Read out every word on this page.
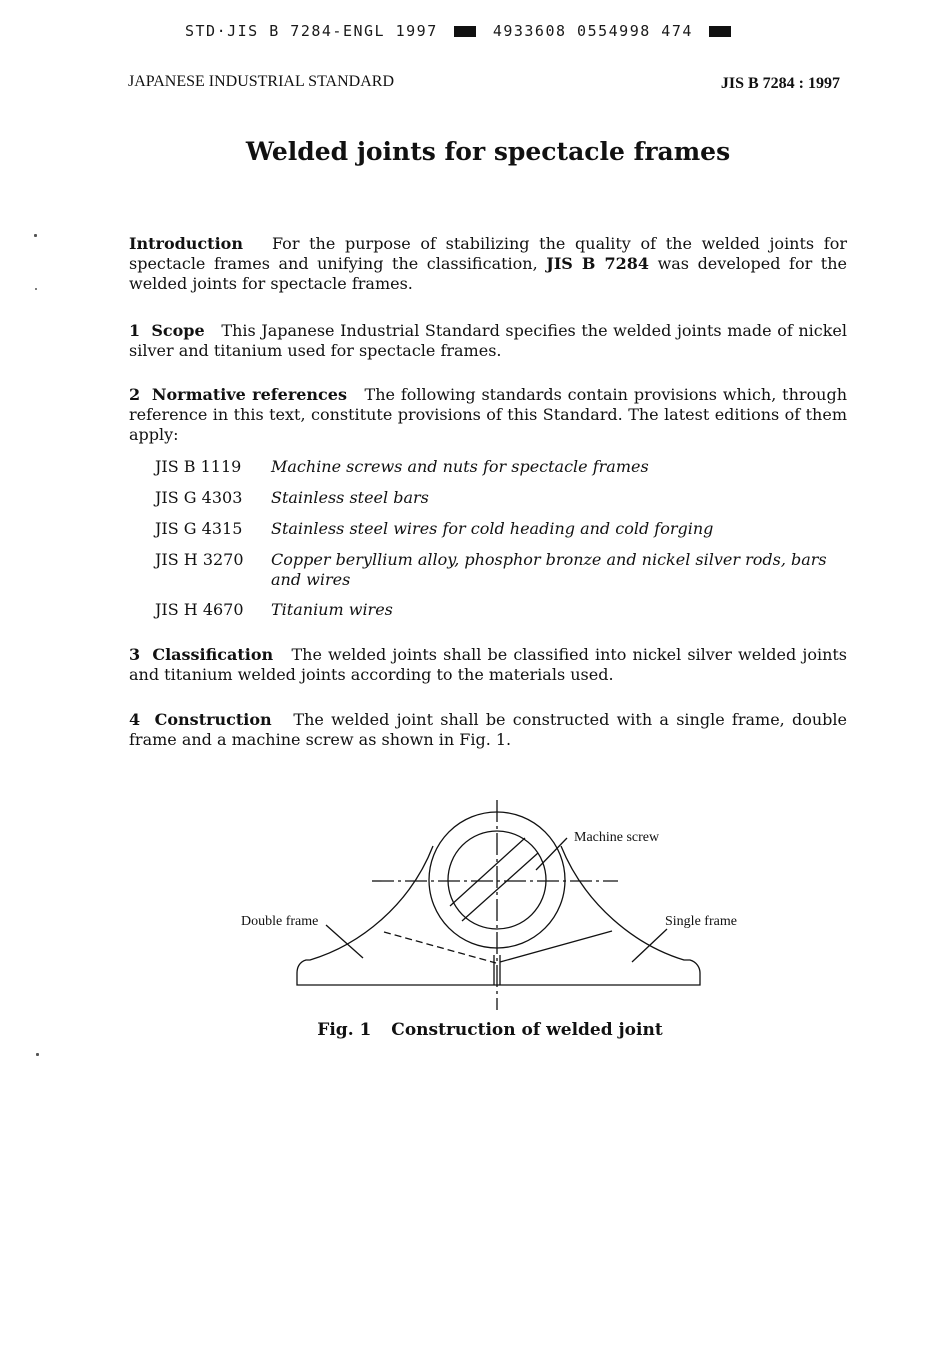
STD·JIS B 7284-ENGL 1997	4933608 0554998 474
JAPANESE INDUSTRIAL STANDARD	JIS B 7284 : 1997
Welded joints for spectacle frames
Introduction For the purpose of stabilizing the quality of the welded joints for spectacle frames and unifying the classification, JIS B 7284 was developed for the welded joints for spectacle frames.
1 Scope This Japanese Industrial Standard specifies the welded joints made of nickel silver and titanium used for spectacle frames.
2 Normative references The following standards contain provisions which, through reference in this text, constitute provisions of this Standard. The latest editions of them apply:
JIS B 1119	Machine screws and nuts for spectacle frames
JIS G 4303	Stainless steel bars
JIS G 4315	Stainless steel wires for cold heading and cold forging
JIS H 3270	Copper beryllium alloy, phosphor bronze and nickel silver rods, bars and wires
JIS H 4670	Titanium wires
3 Classification The welded joints shall be classified into nickel silver welded joints and titanium welded joints according to the materials used.
4 Construction The welded joint shall be constructed with a single frame, double frame and a machine screw as shown in Fig. 1.
Machine screw
Double frame	Single frame
Fig. 1 Construction of welded joint
